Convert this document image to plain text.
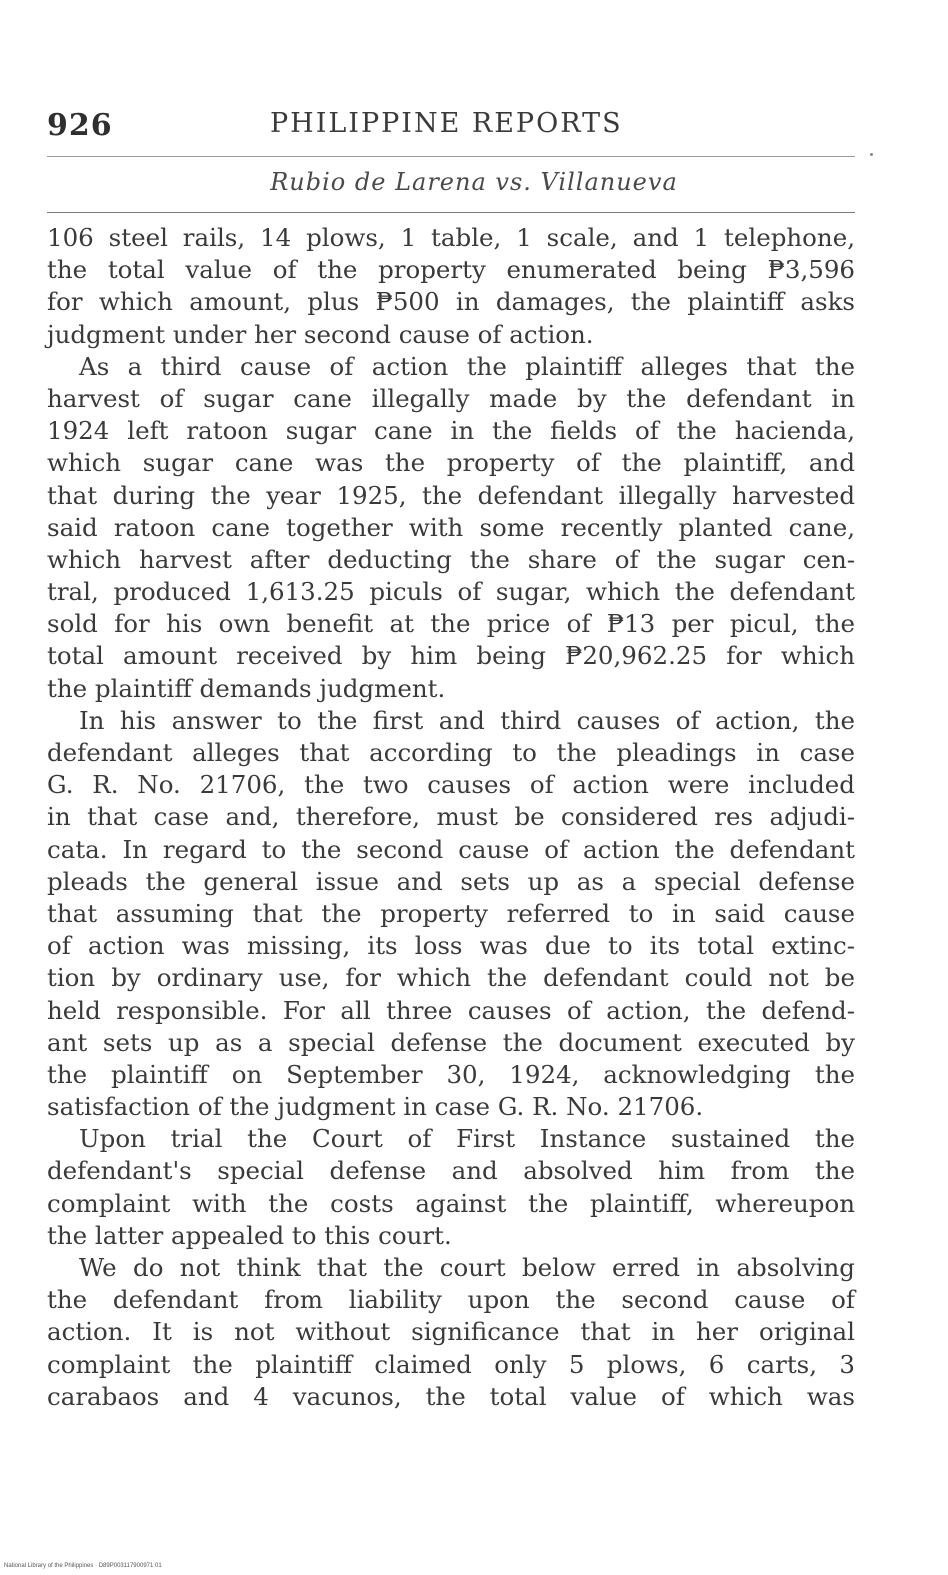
926	PHILIPPINE REPORTS
Rubio de Larena vs. Villanueva
106 steel rails, 14 plows, 1 table, 1 scale, and 1 telephone,
the total value of the property enumerated being ₱3,596
for which amount, plus ₱500 in damages, the plaintiff asks
judgment under her second cause of action.
As a third cause of action the plaintiff alleges that the
harvest of sugar cane illegally made by the defendant in
1924 left ratoon sugar cane in the fields of the hacienda,
which sugar cane was the property of the plaintiff, and
that during the year 1925, the defendant illegally harvested
said ratoon cane together with some recently planted cane,
which harvest after deducting the share of the sugar cen-
tral, produced 1,613.25 piculs of sugar, which the defendant
sold for his own benefit at the price of ₱13 per picul, the
total amount received by him being ₱20,962.25 for which
the plaintiff demands judgment.
In his answer to the first and third causes of action, the
defendant alleges that according to the pleadings in case
G. R. No. 21706, the two causes of action were included
in that case and, therefore, must be considered res adjudi-
cata. In regard to the second cause of action the defendant
pleads the general issue and sets up as a special defense
that assuming that the property referred to in said cause
of action was missing, its loss was due to its total extinc-
tion by ordinary use, for which the defendant could not be
held responsible. For all three causes of action, the defend-
ant sets up as a special defense the document executed by
the plaintiff on September 30, 1924, acknowledging the
satisfaction of the judgment in case G. R. No. 21706.
Upon trial the Court of First Instance sustained the
defendant's special defense and absolved him from the
complaint with the costs against the plaintiff, whereupon
the latter appealed to this court.
We do not think that the court below erred in absolving
the defendant from liability upon the second cause of
action. It is not without significance that in her original
complaint the plaintiff claimed only 5 plows, 6 carts, 3
carabaos and 4 vacunos, the total value of which was
National Library of the Philippines · D89P003117900971 01
